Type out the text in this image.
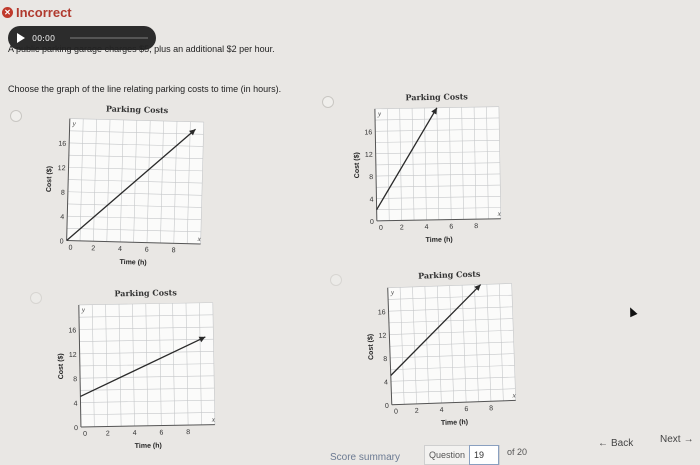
✕ Incorrect
00:00
A public parking garage charges $5, plus an additional $2 per hour.
Choose the graph of the line relating parking costs to time (in hours).
Parking Costs
x
y
0	2	4	6	8
0
4
8
12
16
Time (h)
Cost ($)
Parking Costs
x
y
0 2	4	6	8
0
4
8
12
16
Time (h)
Cost ($)
Parking Costs
x
y
0	2	4	6	8
0
4
8
12
16
Time (h)
Cost ($)
Parking Costs
x
y
0 2	4	6	8
0
4
8
12
16
Time (h)
Cost ($)
Score summary	Question	19	of 20
← Back	Next →
